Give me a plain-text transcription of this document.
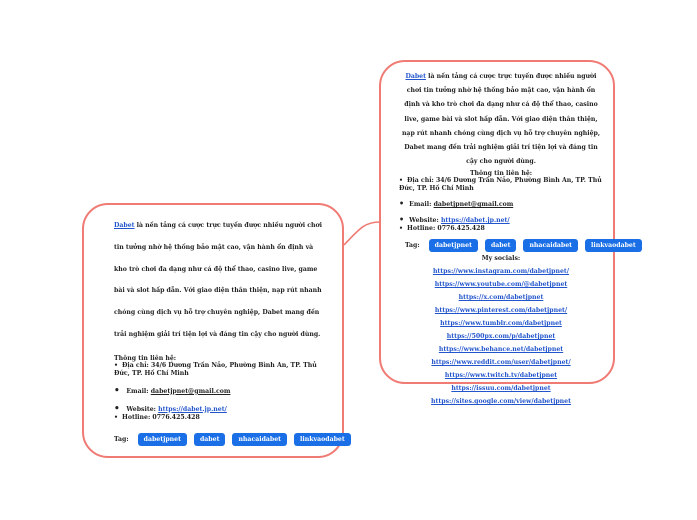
Dabet là nền tảng cá cược trực tuyến được nhiều người chơi tin tưởng nhờ hệ thống bảo mật cao, vận hành ổn định và kho trò chơi đa dạng như cá độ thể thao, casino live, game bài và slot hấp dẫn. Với giao diện thân thiện, nạp rút nhanh chóng cùng dịch vụ hỗ trợ chuyên nghiệp, Dabet mang đến trải nghiệm giải trí tiện lợi và đáng tin cậy cho người dùng.

Thông tin liên hệ:

• Địa chỉ: 34/6 Dương Trần Nảo, Phường Bình An, TP. Thủ Đức, TP. Hồ Chí Minh

• Email: dabetjpnet@gmail.com

• Website: https://dabet.jp.net/

• Hotline: 0776.425.428

Tag:	dabetjpnet	dabet	nhacaidabet	linkvaodabet

Dabet là nền tảng cá cược trực tuyến được nhiều người chơi tin tưởng nhờ hệ thống bảo mật cao, vận hành ổn định và kho trò chơi đa dạng như cá độ thể thao, casino live, game bài và slot hấp dẫn. Với giao diện thân thiện, nạp rút nhanh chóng cùng dịch vụ hỗ trợ chuyên nghiệp, Dabet mang đến trải nghiệm giải trí tiện lợi và đáng tin cậy cho người dùng.

Thông tin liên hệ:

• Địa chỉ: 34/6 Dương Trần Nảo, Phường Bình An, TP. Thủ Đức, TP. Hồ Chí Minh

• Email: dabetjpnet@gmail.com

• Website: https://dabet.jp.net/

• Hotline: 0776.425.428

Tag:	dabetjpnet	dabet	nhacaidabet	linkvaodabet

My socials:

https://www.instagram.com/dabetjpnet/
https://www.youtube.com/@dabetjpnet
https://x.com/dabetjpnet
https://www.pinterest.com/dabetjpnet/
https://www.tumblr.com/dabetjpnet
https://500px.com/p/dabetjpnet
https://www.behance.net/dabetjpnet
https://www.reddit.com/user/dabetjpnet/
https://www.twitch.tv/dabetjpnet
https://issuu.com/dabetjpnet
https://sites.google.com/view/dabetjpnet
